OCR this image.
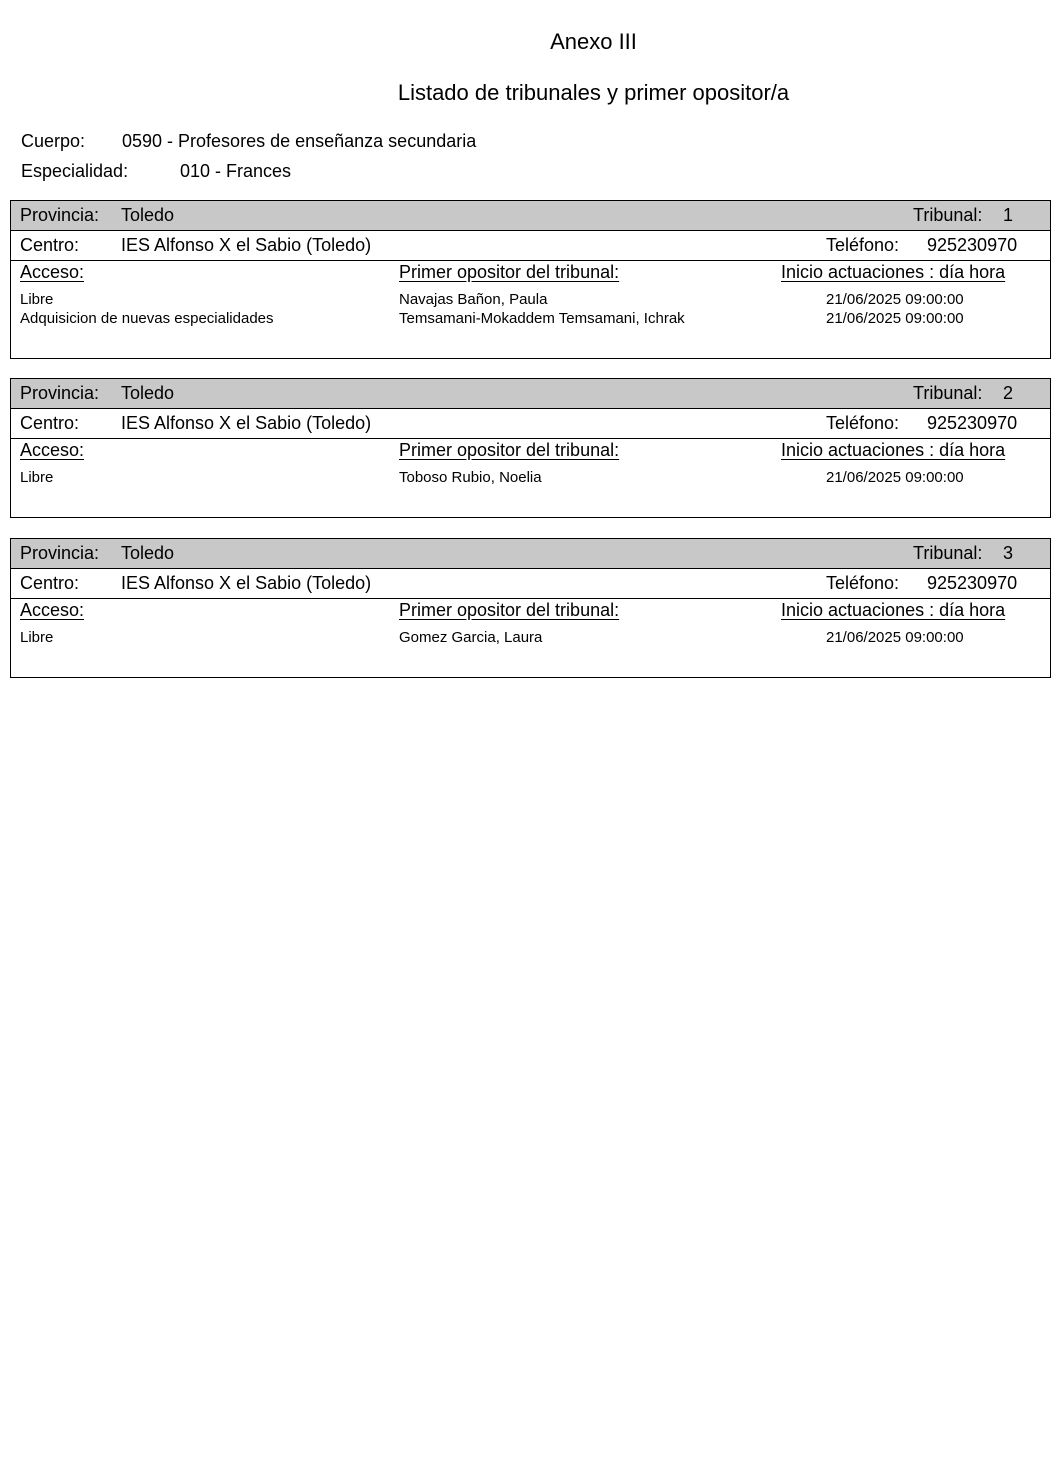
Anexo III
Listado de tribunales y primer opositor/a
Cuerpo: 0590 - Profesores de enseñanza secundaria
Especialidad:	010 - Frances
Provincia: Toledo	Tribunal: 1
Centro: IES Alfonso X el Sabio (Toledo)	Teléfono: 925230970
Acceso:	Primer opositor del tribunal:	Inicio actuaciones : día hora
Libre	Navajas Bañon, Paula	21/06/2025 09:00:00
Adquisicion de nuevas especialidades	Temsamani-Mokaddem Temsamani, Ichrak	21/06/2025 09:00:00
Provincia: Toledo	Tribunal: 2
Centro: IES Alfonso X el Sabio (Toledo)	Teléfono: 925230970
Acceso:	Primer opositor del tribunal:	Inicio actuaciones : día hora
Libre	Toboso Rubio, Noelia	21/06/2025 09:00:00
Provincia: Toledo	Tribunal: 3
Centro: IES Alfonso X el Sabio (Toledo)	Teléfono: 925230970
Acceso:	Primer opositor del tribunal:	Inicio actuaciones : día hora
Libre	Gomez Garcia, Laura	21/06/2025 09:00:00
